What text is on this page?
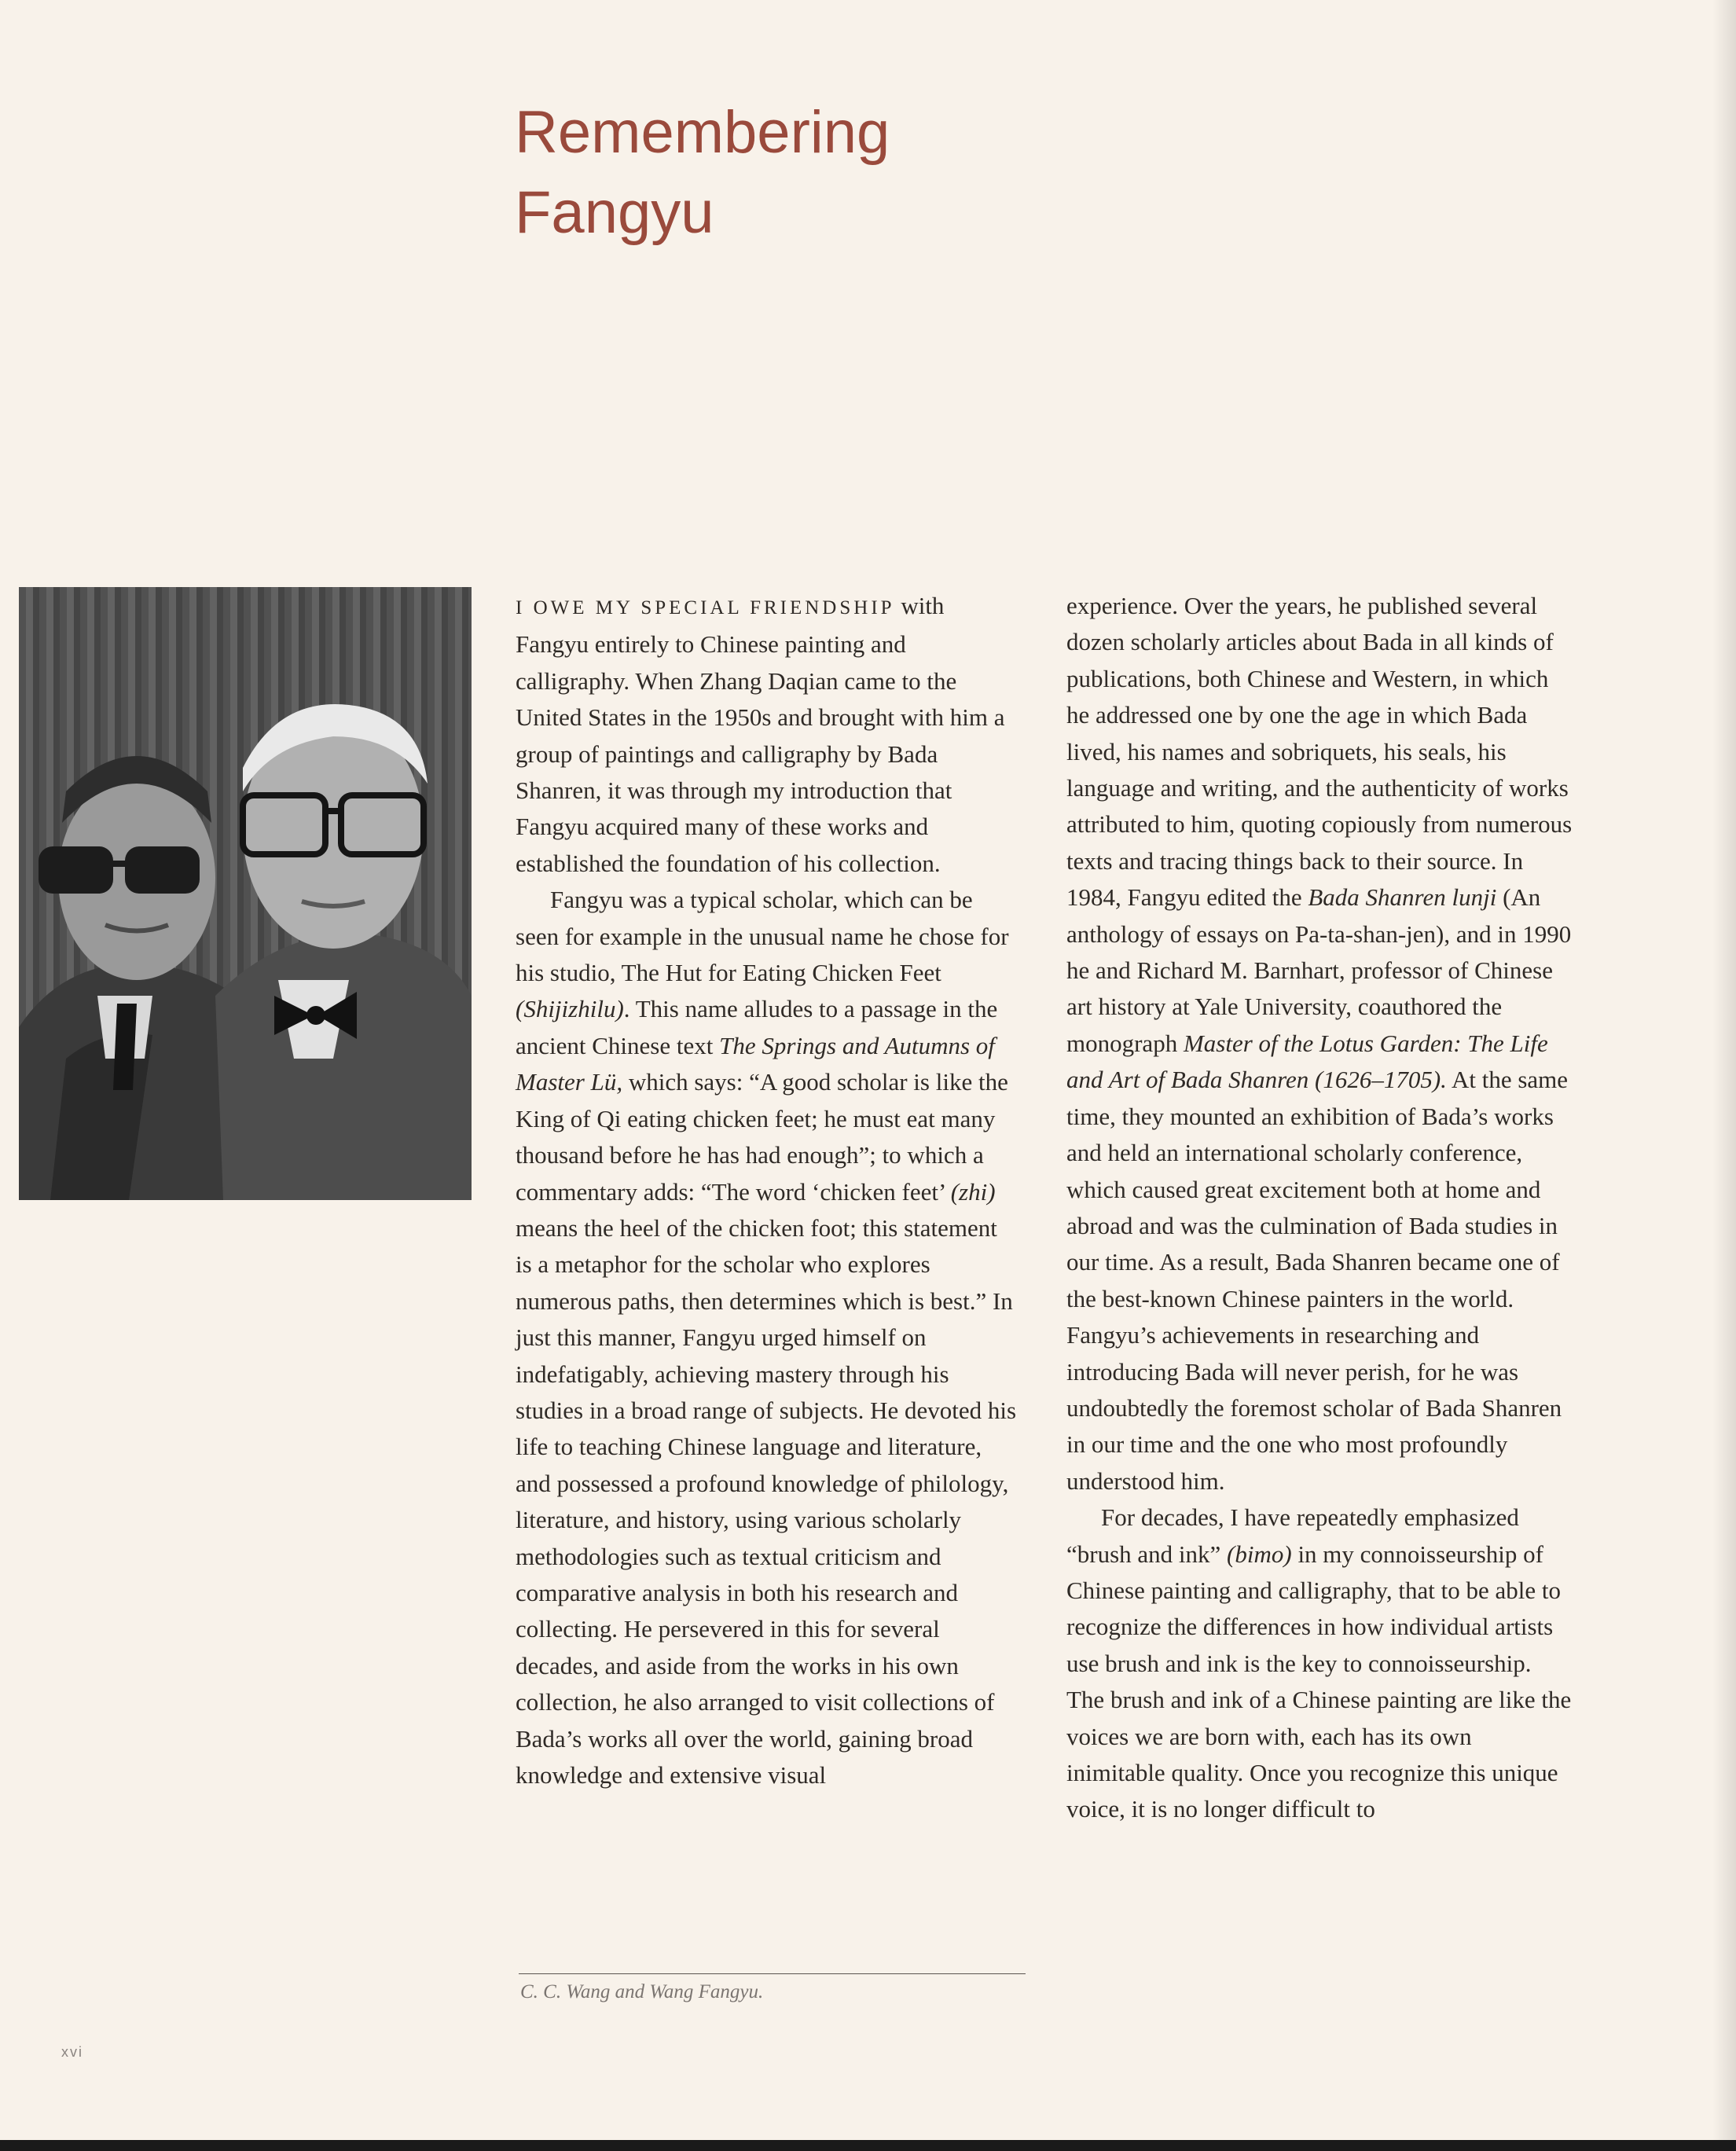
Remembering
Fangyu

I OWE MY SPECIAL FRIENDSHIP with Fangyu entirely to Chinese painting and calligraphy. When Zhang Daqian came to the United States in the 1950s and brought with him a group of paintings and calligraphy by Bada Shanren, it was through my introduction that Fangyu acquired many of these works and established the foundation of his collection.

Fangyu was a typical scholar, which can be seen for example in the unusual name he chose for his studio, The Hut for Eating Chicken Feet (Shijizhilu). This name alludes to a passage in the ancient Chinese text The Springs and Autumns of Master Lü, which says: “A good scholar is like the King of Qi eating chicken feet; he must eat many thousand before he has had enough”; to which a commentary adds: “The word ‘chicken feet’ (zhi) means the heel of the chicken foot; this statement is a metaphor for the scholar who explores numerous paths, then determines which is best.” In just this manner, Fangyu urged himself on indefatigably, achieving mastery through his studies in a broad range of subjects. He devoted his life to teaching Chinese language and literature, and possessed a profound knowledge of philology, literature, and history, using various scholarly methodologies such as textual criticism and comparative analysis in both his research and collecting. He persevered in this for several decades, and aside from the works in his own collection, he also arranged to visit collections of Bada’s works all over the world, gaining broad knowledge and extensive visual

experience. Over the years, he published several dozen scholarly articles about Bada in all kinds of publications, both Chinese and Western, in which he addressed one by one the age in which Bada lived, his names and sobriquets, his seals, his language and writing, and the authenticity of works attributed to him, quoting copiously from numerous texts and tracing things back to their source. In 1984, Fangyu edited the Bada Shanren lunji (An anthology of essays on Pa-ta-shan-jen), and in 1990 he and Richard M. Barnhart, professor of Chinese art history at Yale University, coauthored the monograph Master of the Lotus Garden: The Life and Art of Bada Shanren (1626–1705). At the same time, they mounted an exhibition of Bada’s works and held an international scholarly conference, which caused great excitement both at home and abroad and was the culmination of Bada studies in our time. As a result, Bada Shanren became one of the best-known Chinese painters in the world. Fangyu’s achievements in researching and introducing Bada will never perish, for he was undoubtedly the foremost scholar of Bada Shanren in our time and the one who most profoundly understood him.

For decades, I have repeatedly emphasized “brush and ink” (bimo) in my connoisseurship of Chinese painting and calligraphy, that to be able to recognize the differences in how individual artists use brush and ink is the key to connoisseurship. The brush and ink of a Chinese painting are like the voices we are born with, each has its own inimitable quality. Once you recognize this unique voice, it is no longer difficult to

C. C. Wang and Wang Fangyu.
xvi
